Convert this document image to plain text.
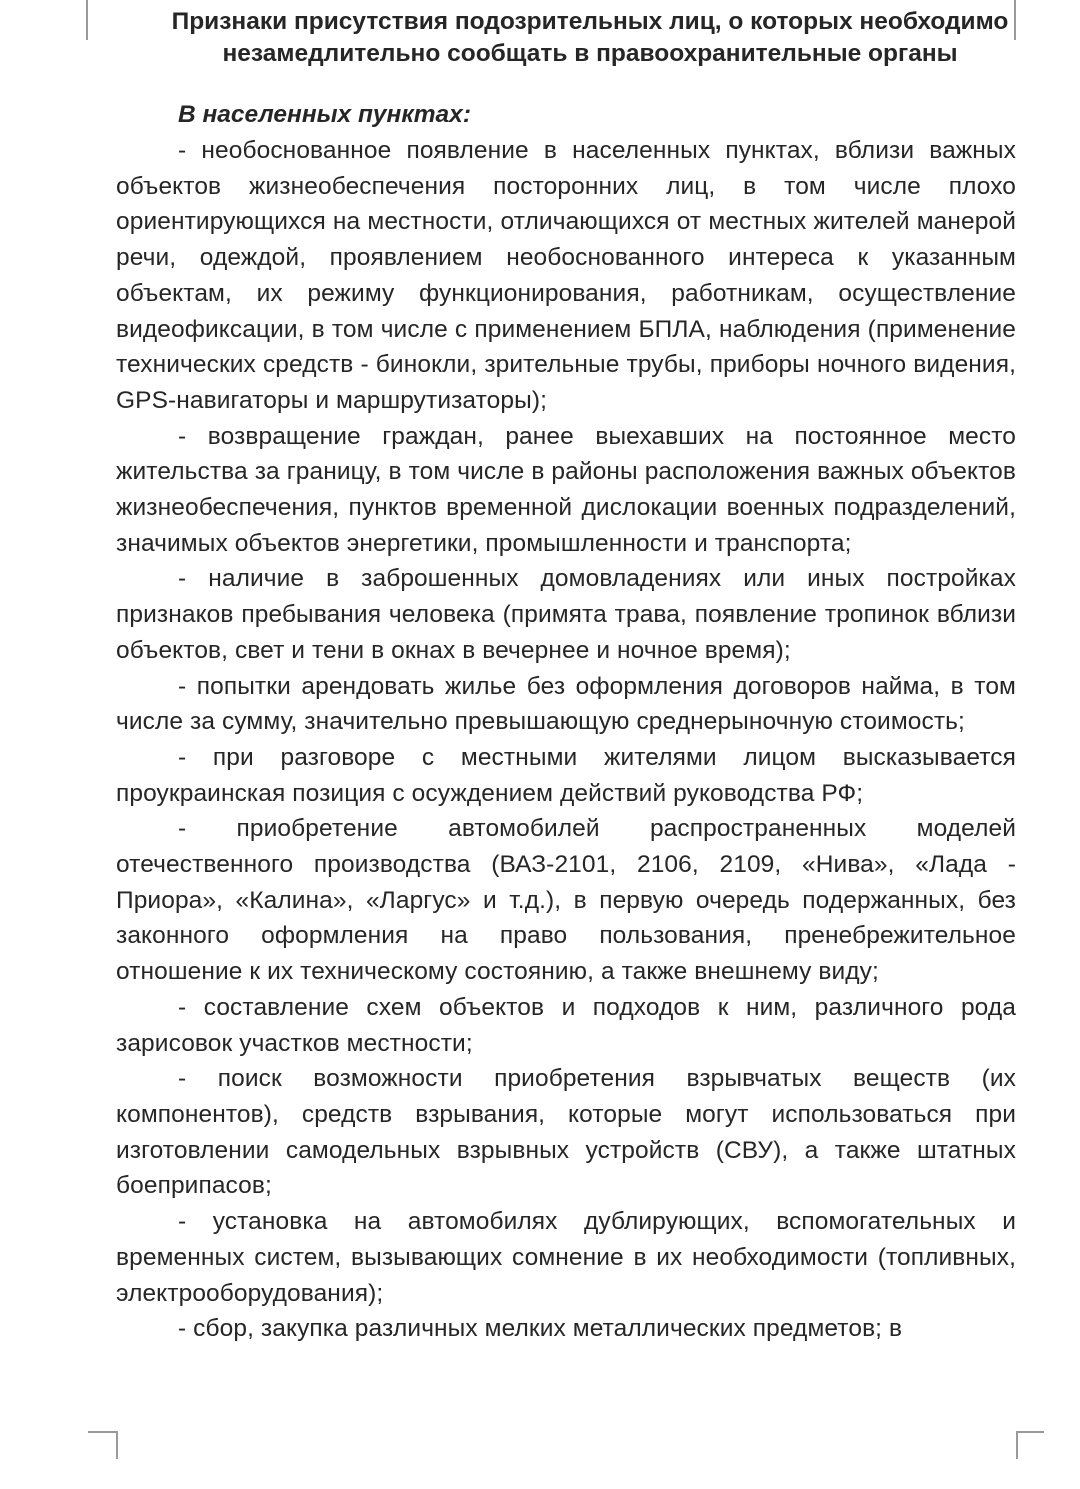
Признаки присутствия подозрительных лиц, о которых необходимо незамедлительно сообщать в правоохранительные органы
В населенных пунктах:

- необоснованное появление в населенных пунктах, вблизи важных объектов жизнеобеспечения посторонних лиц, в том числе плохо ориентирующихся на местности, отличающихся от местных жителей манерой речи, одеждой, проявлением необоснованного интереса к указанным объектам, их режиму функционирования, работникам, осуществление видеофиксации, в том числе с применением БПЛА, наблюдения (применение технических средств - бинокли, зрительные трубы, приборы ночного видения, GPS-навигаторы и маршрутизаторы);

- возвращение граждан, ранее выехавших на постоянное место жительства за границу, в том числе в районы расположения важных объектов жизнеобеспечения, пунктов временной дислокации военных подразделений, значимых объектов энергетики, промышленности и транспорта;

- наличие в заброшенных домовладениях или иных постройках признаков пребывания человека (примята трава, появление тропинок вблизи объектов, свет и тени в окнах в вечернее и ночное время);

- попытки арендовать жилье без оформления договоров найма, в том числе за сумму, значительно превышающую среднерыночную стоимость;

- при разговоре с местными жителями лицом высказывается проукраинская позиция с осуждением действий руководства РФ;

- приобретение автомобилей распространенных моделей отечественного производства (ВАЗ-2101, 2106, 2109, «Нива», «Лада - Приора», «Калина», «Ларгус» и т.д.), в первую очередь подержанных, без законного оформления на право пользования, пренебрежительное отношение к их техническому состоянию, а также внешнему виду;

- составление схем объектов и подходов к ним, различного рода зарисовок участков местности;

- поиск возможности приобретения взрывчатых веществ (их компонентов), средств взрывания, которые могут использоваться при изготовлении самодельных взрывных устройств (СВУ), а также штатных боеприпасов;

- установка на автомобилях дублирующих, вспомогательных и временных систем, вызывающих сомнение в их необходимости (топливных, электрооборудования);

- сбор, закупка различных мелких металлических предметов; в
